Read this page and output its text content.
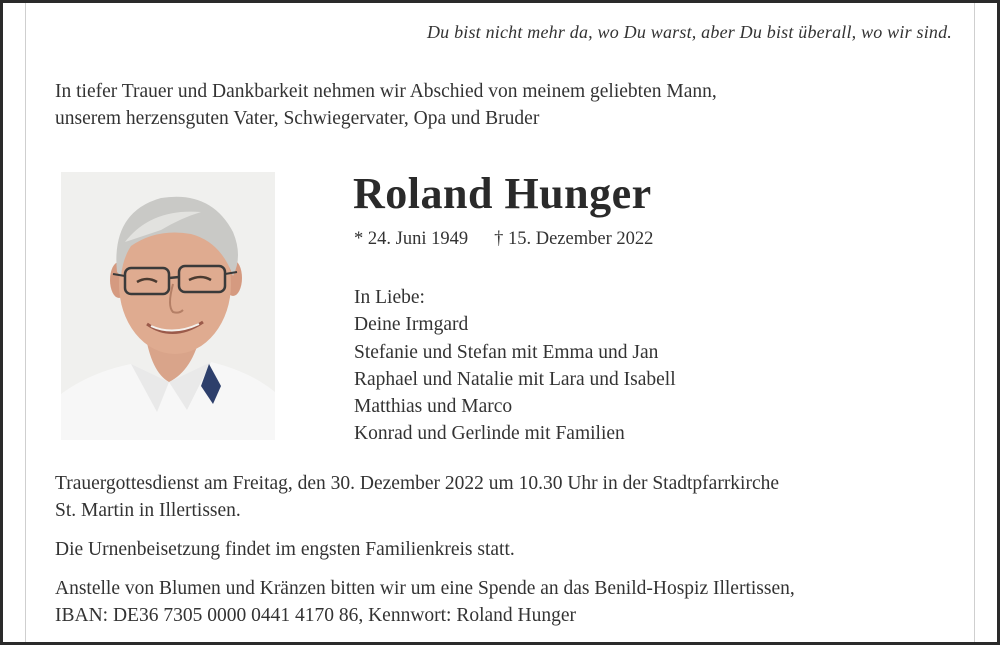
Du bist nicht mehr da, wo Du warst, aber Du bist überall, wo wir sind.
In tiefer Trauer und Dankbarkeit nehmen wir Abschied von meinem geliebten Mann,
unserem herzensguten Vater, Schwiegervater, Opa und Bruder
Roland Hunger
* 24. Juni 1949 † 15. Dezember 2022
In Liebe:
Deine Irmgard
Stefanie und Stefan mit Emma und Jan
Raphael und Natalie mit Lara und Isabell
Matthias und Marco
Konrad und Gerlinde mit Familien
Trauergottesdienst am Freitag, den 30. Dezember 2022 um 10.30 Uhr in der Stadtpfarrkirche
St. Martin in Illertissen.
Die Urnenbeisetzung findet im engsten Familienkreis statt.
Anstelle von Blumen und Kränzen bitten wir um eine Spende an das Benild-Hospiz Illertissen,
IBAN: DE36 7305 0000 0441 4170 86, Kennwort: Roland Hunger
